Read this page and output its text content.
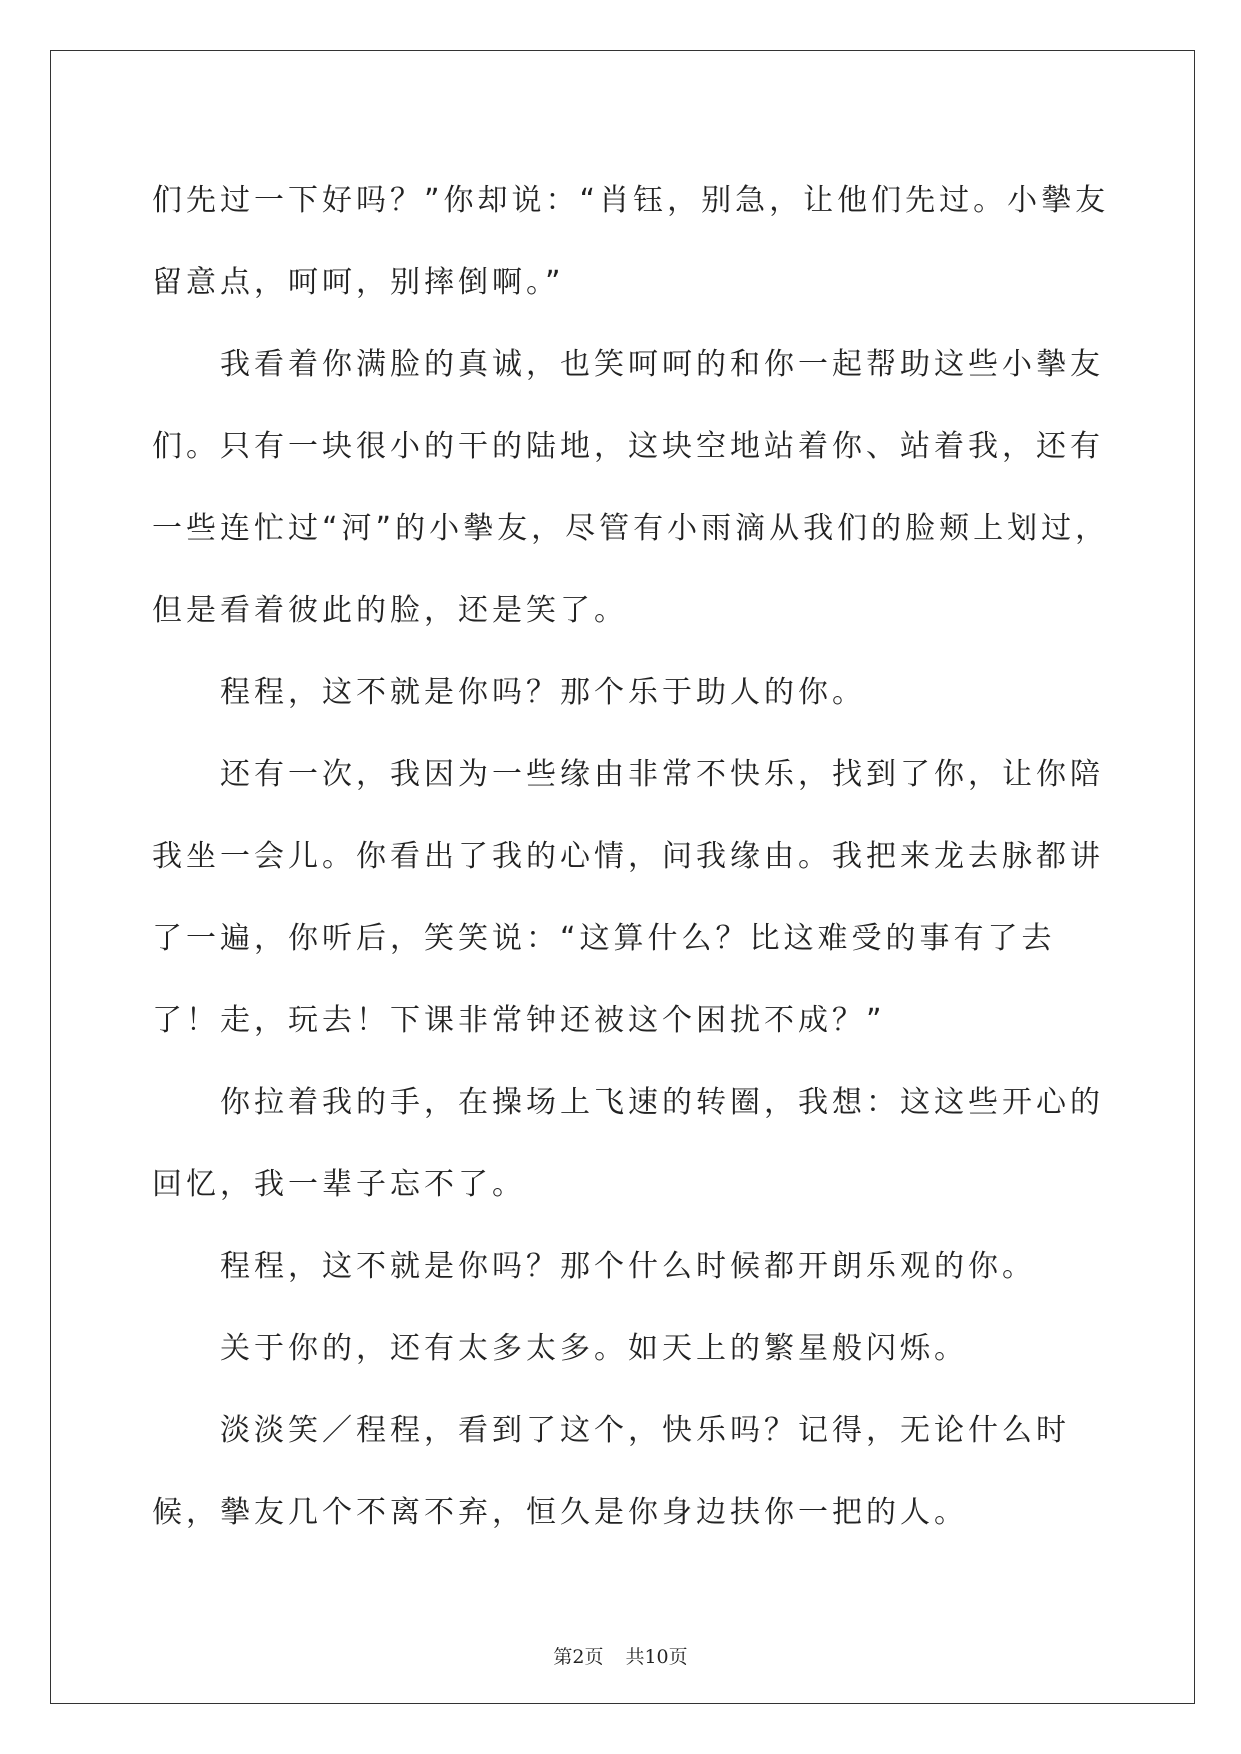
们先过一下好吗？”你却说：“肖钰，别急，让他们先过。小摰友留意点，呵呵，别摔倒啊。”

我看着你满脸的真诚，也笑呵呵的和你一起帮助这些小摰友们。只有一块很小的干的陆地，这块空地站着你、站着我，还有一些连忙过“河”的小摰友，尽管有小雨滴从我们的脸颊上划过，但是看着彼此的脸，还是笑了。

程程，这不就是你吗？那个乐于助人的你。

还有一次，我因为一些缘由非常不快乐，找到了你，让你陪我坐一会儿。你看出了我的心情，问我缘由。我把来龙去脉都讲了一遍，你听后，笑笑说：“这算什么？比这难受的事有了去了！走，玩去！下课非常钟还被这个困扰不成？”

你拉着我的手，在操场上飞速的转圈，我想：这这些开心的回忆，我一辈子忘不了。

程程，这不就是你吗？那个什么时候都开朗乐观的你。

关于你的，还有太多太多。如天上的繁星般闪烁。

淡淡笑／程程，看到了这个，快乐吗？记得，无论什么时候，摰友几个不离不弃，恒久是你身边扶你一把的人。

第2页 共10页
